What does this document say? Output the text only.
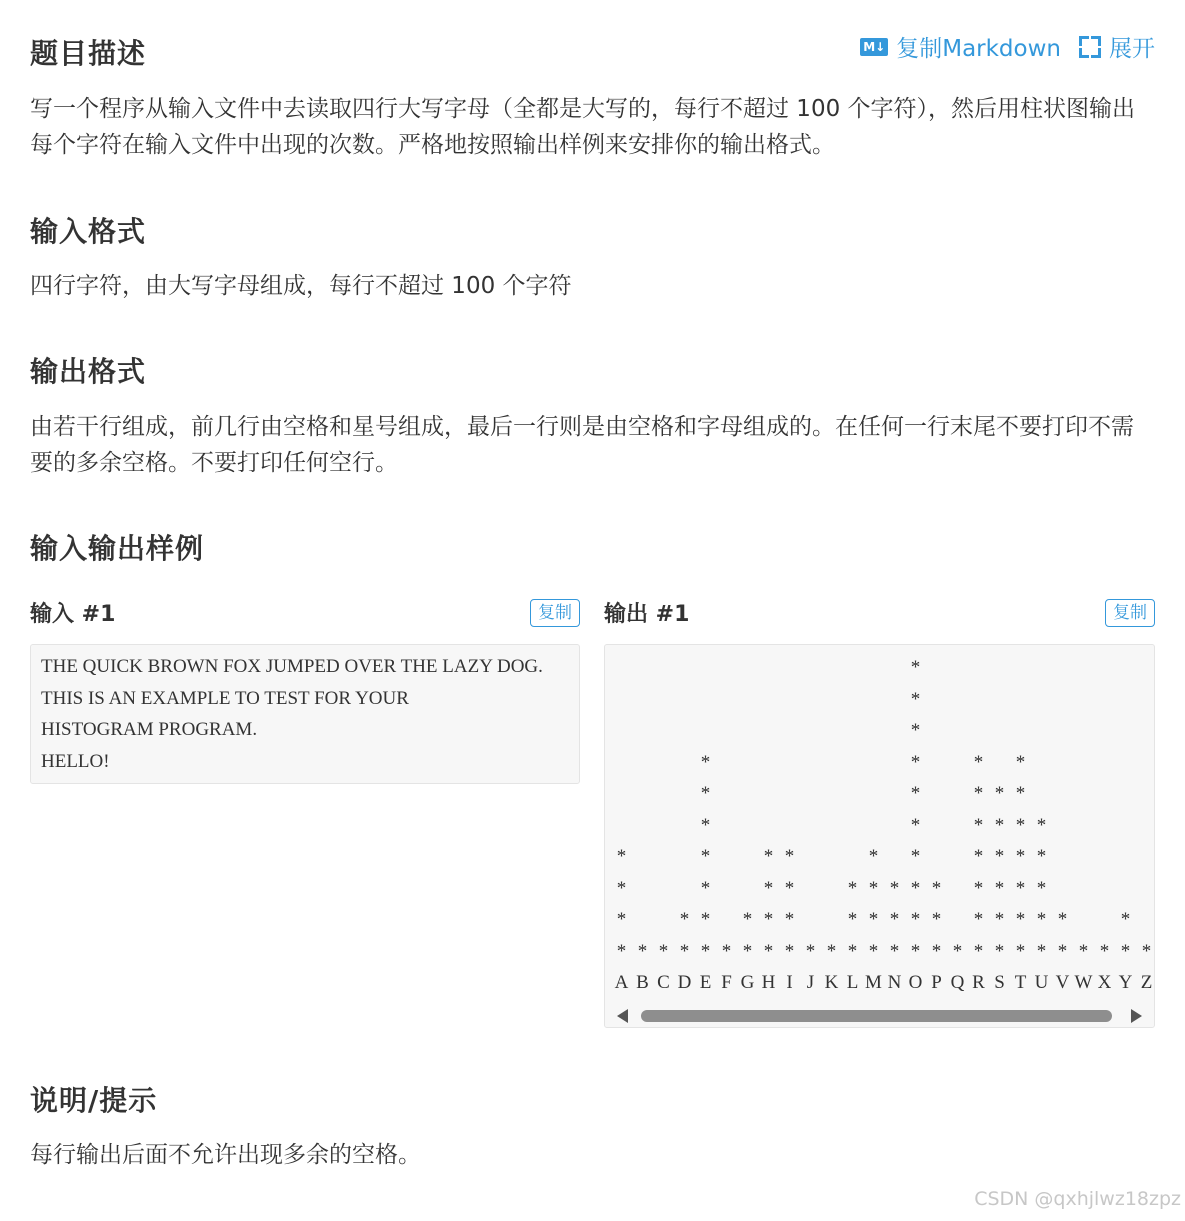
题目描述	M↓ 复制Markdown 展开

写一个程序从输入文件中去读取四行大写字母（全都是大写的，每行不超过 100 个字符），然后用柱状图输出每个字符在输入文件中出现的次数。严格地按照输出样例来安排你的输出格式。

输入格式

四行字符，由大写字母组成，每行不超过 100 个字符

输出格式

由若干行组成，前几行由空格和星号组成，最后一行则是由空格和字母组成的。在任何一行末尾不要打印不需要的多余空格。不要打印任何空行。

输入输出样例
输入 #1	复制
THE QUICK BROWN FOX JUMPED OVER THE LAZY DOG.
THIS IS AN EXAMPLE TO TEST FOR YOUR
HISTOGRAM PROGRAM.
HELLO!
输出 #1	复制
*
*
*
*	*	*	*
*	*	* * *
*	*	* * * *
*	*	* *	*	*	* * * *
*	*	* *	* * * * *	* * * *
*	* *	* * *	* * * * *	* * * * *	*
* * * * * * * * * * * * * * * * * * * * * * * * * *
A B C D E F G H I J K L M N O P Q R S T U V W X Y Z
说明/提示

每行输出后面不允许出现多余的空格。

CSDN @qxhjlwz18zpz
